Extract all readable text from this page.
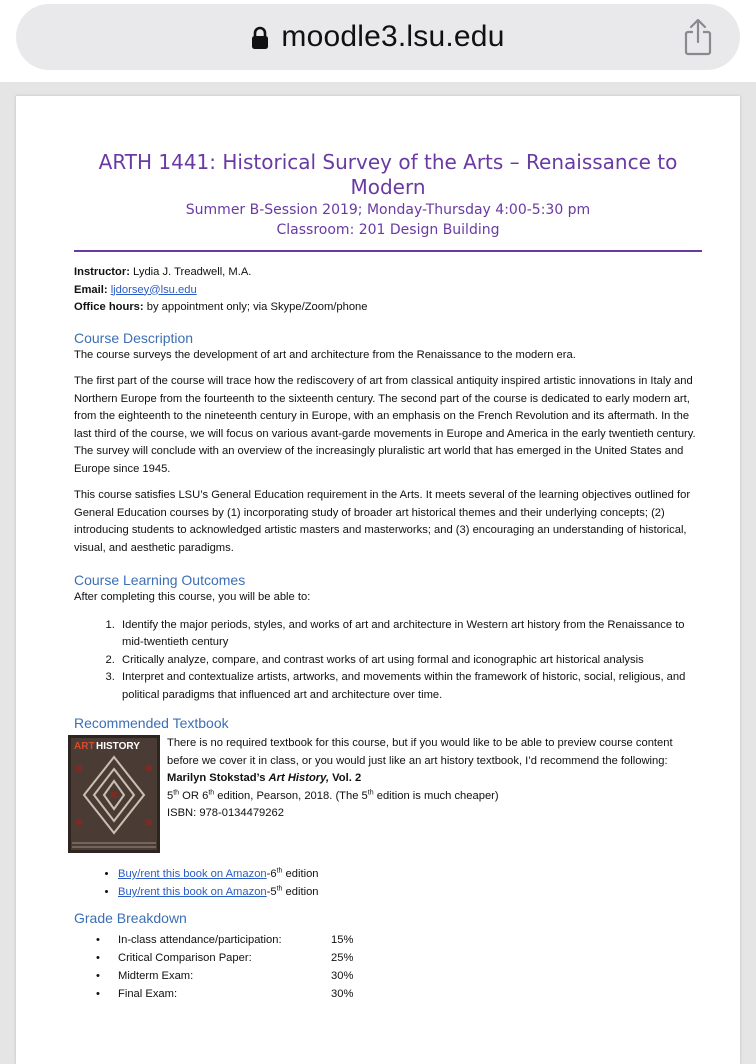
moodle3.lsu.edu
ARTH 1441: Historical Survey of the Arts – Renaissance to Modern
Summer B-Session 2019; Monday-Thursday 4:00-5:30 pm
Classroom: 201 Design Building
Instructor: Lydia J. Treadwell, M.A.
Email: ljdorsey@lsu.edu
Office hours: by appointment only; via Skype/Zoom/phone
Course Description

The course surveys the development of art and architecture from the Renaissance to the modern era.

The first part of the course will trace how the rediscovery of art from classical antiquity inspired artistic innovations in Italy and Northern Europe from the fourteenth to the sixteenth century. The second part of the course is dedicated to early modern art, from the eighteenth to the nineteenth century in Europe, with an emphasis on the French Revolution and its aftermath. In the last third of the course, we will focus on various avant-garde movements in Europe and America in the early twentieth century. The survey will conclude with an overview of the increasingly pluralistic art world that has emerged in the United States and Europe since 1945.

This course satisfies LSU’s General Education requirement in the Arts. It meets several of the learning objectives outlined for General Education courses by (1) incorporating study of broader art historical themes and their underlying concepts; (2) introducing students to acknowledged artistic masters and masterworks; and (3) encouraging an understanding of historical, visual, and aesthetic paradigms.

Course Learning Outcomes
After completing this course, you will be able to:
1. Identify the major periods, styles, and works of art and architecture in Western art history from the Renaissance to mid-twentieth century
2. Critically analyze, compare, and contrast works of art using formal and iconographic art historical analysis
3. Interpret and contextualize artists, artworks, and movements within the framework of historic, social, religious, and political paradigms that influenced art and architecture over time.
Recommended Textbook
ART HISTORY There is no required textbook for this course, but if you would like to be able to preview course content before we cover it in class, or you would just like an art history textbook, I’d recommend the following:
Marilyn Stokstad’s Art History, Vol. 2
5th OR 6th edition, Pearson, 2018. (The 5th edition is much cheaper)
ISBN: 978-0134479262
• Buy/rent this book on Amazon-6th edition
• Buy/rent this book on Amazon-5th edition
Grade Breakdown
•	In-class attendance/participation:	15%
•	Critical Comparison Paper:	25%
•	Midterm Exam:	30%
•	Final Exam:	30%
